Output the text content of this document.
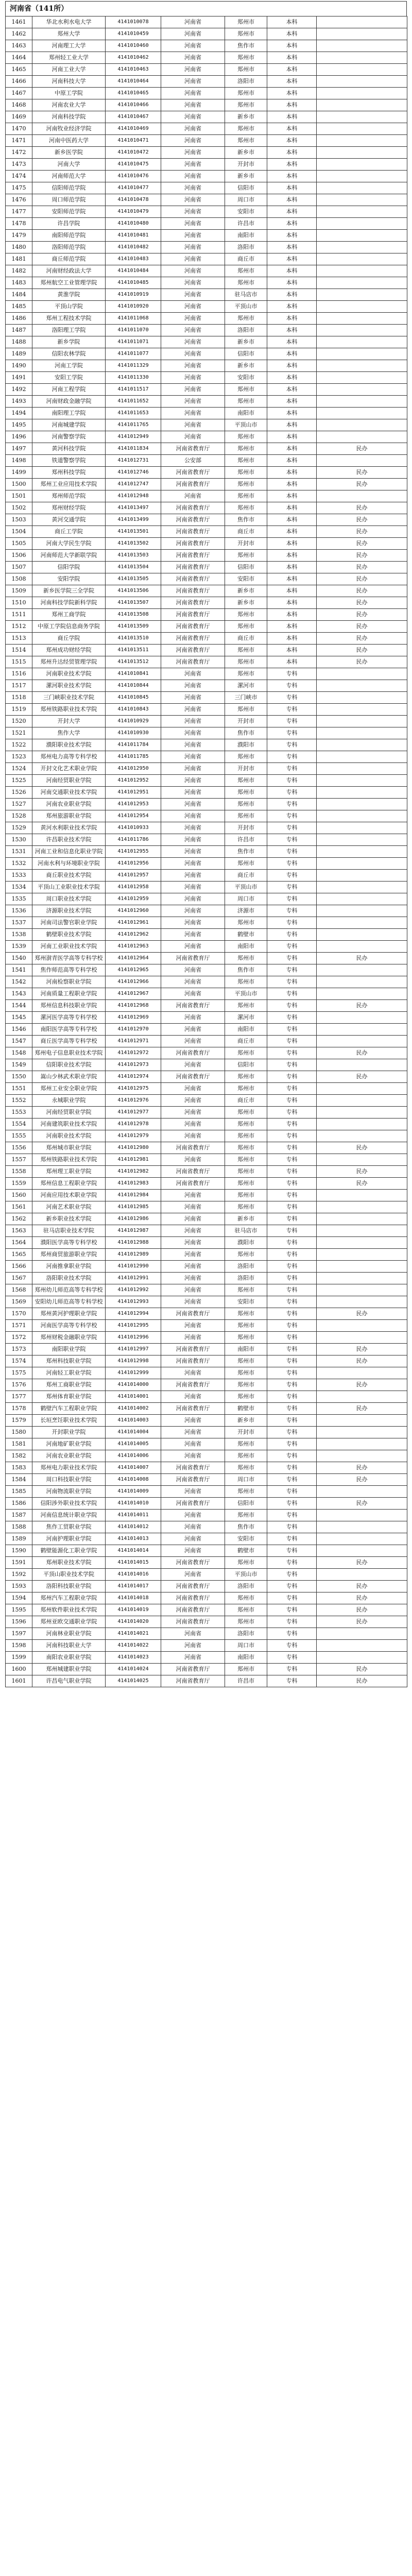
河南省（141所）
1461	华北水利水电大学	4141010078	河南省	郑州市	本科	
1462	郑州大学	4141010459	河南省	郑州市	本科	
1463	河南理工大学	4141010460	河南省	焦作市	本科	
1464	郑州轻工业大学	4141010462	河南省	郑州市	本科	
1465	河南工业大学	4141010463	河南省	郑州市	本科	
1466	河南科技大学	4141010464	河南省	洛阳市	本科	
1467	中原工学院	4141010465	河南省	郑州市	本科	
1468	河南农业大学	4141010466	河南省	郑州市	本科	
1469	河南科技学院	4141010467	河南省	新乡市	本科	
1470	河南牧业经济学院	4141010469	河南省	郑州市	本科	
1471	河南中医药大学	4141010471	河南省	郑州市	本科	
1472	新乡医学院	4141010472	河南省	新乡市	本科	
1473	河南大学	4141010475	河南省	开封市	本科	
1474	河南师范大学	4141010476	河南省	新乡市	本科	
1475	信阳师范学院	4141010477	河南省	信阳市	本科	
1476	周口师范学院	4141010478	河南省	周口市	本科	
1477	安阳师范学院	4141010479	河南省	安阳市	本科	
1478	许昌学院	4141010480	河南省	许昌市	本科	
1479	南阳师范学院	4141010481	河南省	南阳市	本科	
1480	洛阳师范学院	4141010482	河南省	洛阳市	本科	
1481	商丘师范学院	4141010483	河南省	商丘市	本科	
1482	河南财经政法大学	4141010484	河南省	郑州市	本科	
1483	郑州航空工业管理学院	4141010485	河南省	郑州市	本科	
1484	黄淮学院	4141010919	河南省	驻马店市	本科	
1485	平顶山学院	4141010920	河南省	平顶山市	本科	
1486	郑州工程技术学院	4141011068	河南省	郑州市	本科	
1487	洛阳理工学院	4141011070	河南省	洛阳市	本科	
1488	新乡学院	4141011071	河南省	新乡市	本科	
1489	信阳农林学院	4141011077	河南省	信阳市	本科	
1490	河南工学院	4141011329	河南省	新乡市	本科	
1491	安阳工学院	4141011330	河南省	安阳市	本科	
1492	河南工程学院	4141011517	河南省	郑州市	本科	
1493	河南财政金融学院	4141011652	河南省	郑州市	本科	
1494	南阳理工学院	4141011653	河南省	南阳市	本科	
1495	河南城建学院	4141011765	河南省	平顶山市	本科	
1496	河南警察学院	4141012949	河南省	郑州市	本科	
1497	黄河科技学院	4141011834	河南省教育厅	郑州市	本科	民办
1498	铁道警察学院	4141012731	公安部	郑州市	本科	
1499	郑州科技学院	4141012746	河南省教育厅	郑州市	本科	民办
1500	郑州工业应用技术学院	4141012747	河南省教育厅	郑州市	本科	民办
1501	郑州师范学院	4141012948	河南省	郑州市	本科	
1502	郑州财经学院	4141013497	河南省教育厅	郑州市	本科	民办
1503	黄河交通学院	4141013499	河南省教育厅	焦作市	本科	民办
1504	商丘工学院	4141013501	河南省教育厅	商丘市	本科	民办
1505	河南大学民生学院	4141013502	河南省教育厅	开封市	本科	民办
1506	河南师范大学新联学院	4141013503	河南省教育厅	郑州市	本科	民办
1507	信阳学院	4141013504	河南省教育厅	信阳市	本科	民办
1508	安阳学院	4141013505	河南省教育厅	安阳市	本科	民办
1509	新乡医学院三全学院	4141013506	河南省教育厅	新乡市	本科	民办
1510	河南科技学院新科学院	4141013507	河南省教育厅	新乡市	本科	民办
1511	郑州工商学院	4141013508	河南省教育厅	郑州市	本科	民办
1512	中原工学院信息商务学院	4141013509	河南省教育厅	郑州市	本科	民办
1513	商丘学院	4141013510	河南省教育厅	商丘市	本科	民办
1514	郑州成功财经学院	4141013511	河南省教育厅	郑州市	本科	民办
1515	郑州升达经贸管理学院	4141013512	河南省教育厅	郑州市	本科	民办
1516	河南职业技术学院	4141010841	河南省	郑州市	专科	
1517	漯河职业技术学院	4141010844	河南省	漯河市	专科	
1518	三门峡职业技术学院	4141010845	河南省	三门峡市	专科	
1519	郑州铁路职业技术学院	4141010843	河南省	郑州市	专科	
1520	开封大学	4141010929	河南省	开封市	专科	
1521	焦作大学	4141010930	河南省	焦作市	专科	
1522	濮阳职业技术学院	4141011784	河南省	濮阳市	专科	
1523	郑州电力高等专科学校	4141011785	河南省	郑州市	专科	
1524	开封文化艺术职业学院	4141012950	河南省	开封市	专科	
1525	河南经贸职业学院	4141012952	河南省	郑州市	专科	
1526	河南交通职业技术学院	4141012951	河南省	郑州市	专科	
1527	河南农业职业学院	4141012953	河南省	郑州市	专科	
1528	郑州旅游职业学院	4141012954	河南省	郑州市	专科	
1529	黄河水利职业技术学院	4141010933	河南省	开封市	专科	
1530	许昌职业技术学院	4141011786	河南省	许昌市	专科	
1531	河南工业和信息化职业学院	4141012955	河南省	焦作市	专科	
1532	河南水利与环境职业学院	4141012956	河南省	郑州市	专科	
1533	商丘职业技术学院	4141012957	河南省	商丘市	专科	
1534	平顶山工业职业技术学院	4141012958	河南省	平顶山市	专科	
1535	周口职业技术学院	4141012959	河南省	周口市	专科	
1536	济源职业技术学院	4141012960	河南省	济源市	专科	
1537	河南司法警官职业学院	4141012961	河南省	郑州市	专科	
1538	鹤壁职业技术学院	4141012962	河南省	鹤壁市	专科	
1539	河南工业职业技术学院	4141012963	河南省	南阳市	专科	
1540	郑州澍青医学高等专科学校	4141012964	河南省教育厅	郑州市	专科	民办
1541	焦作师范高等专科学校	4141012965	河南省	焦作市	专科	
1542	河南检察职业学院	4141012966	河南省	郑州市	专科	
1543	河南质量工程职业学院	4141012967	河南省	平顶山市	专科	
1544	郑州信息科技职业学院	4141012968	河南省教育厅	郑州市	专科	民办
1545	漯河医学高等专科学校	4141012969	河南省	漯河市	专科	
1546	南阳医学高等专科学校	4141012970	河南省	南阳市	专科	
1547	商丘医学高等专科学校	4141012971	河南省	商丘市	专科	
1548	郑州电子信息职业技术学院	4141012972	河南省教育厅	郑州市	专科	民办
1549	信阳职业技术学院	4141012973	河南省	信阳市	专科	
1550	嵩山少林武术职业学院	4141012974	河南省教育厅	郑州市	专科	民办
1551	郑州工业安全职业学院	4141012975	河南省	郑州市	专科	
1552	永城职业学院	4141012976	河南省	商丘市	专科	
1553	河南经贸职业学院	4141012977	河南省	郑州市	专科	
1554	河南建筑职业技术学院	4141012978	河南省	郑州市	专科	
1555	河南职业技术学院	4141012979	河南省	郑州市	专科	
1556	郑州城市职业学院	4141012980	河南省教育厅	郑州市	专科	民办
1557	郑州铁路职业技术学院	4141012981	河南省	郑州市	专科	
1558	郑州理工职业学院	4141012982	河南省教育厅	郑州市	专科	民办
1559	郑州信息工程职业学院	4141012983	河南省教育厅	郑州市	专科	民办
1560	河南应用技术职业学院	4141012984	河南省	郑州市	专科	
1561	河南艺术职业学院	4141012985	河南省	郑州市	专科	
1562	新乡职业技术学院	4141012986	河南省	新乡市	专科	
1563	驻马店职业技术学院	4141012987	河南省	驻马店市	专科	
1564	濮阳医学高等专科学校	4141012988	河南省	濮阳市	专科	
1565	郑州商贸旅游职业学院	4141012989	河南省	郑州市	专科	
1566	河南推拿职业学院	4141012990	河南省	洛阳市	专科	
1567	洛阳职业技术学院	4141012991	河南省	洛阳市	专科	
1568	郑州幼儿师范高等专科学校	4141012992	河南省	郑州市	专科	
1569	安阳幼儿师范高等专科学校	4141012993	河南省	安阳市	专科	
1570	郑州黄河护理职业学院	4141012994	河南省教育厅	郑州市	专科	民办
1571	河南医学高等专科学校	4141012995	河南省	郑州市	专科	
1572	郑州财税金融职业学院	4141012996	河南省	郑州市	专科	
1573	南阳职业学院	4141012997	河南省教育厅	南阳市	专科	民办
1574	郑州科技职业学院	4141012998	河南省教育厅	郑州市	专科	民办
1575	河南轻工职业学院	4141012999	河南省	郑州市	专科	
1576	郑州工商职业学院	4141014000	河南省教育厅	郑州市	专科	民办
1577	郑州体育职业学院	4141014001	河南省	郑州市	专科	
1578	鹤壁汽车工程职业学院	4141014002	河南省教育厅	鹤壁市	专科	民办
1579	长垣烹饪职业技术学院	4141014003	河南省	新乡市	专科	
1580	开封职业学院	4141014004	河南省	开封市	专科	
1581	河南地矿职业学院	4141014005	河南省	郑州市	专科	
1582	河南农业职业学院	4141014006	河南省	郑州市	专科	
1583	郑州电力职业技术学院	4141014007	河南省教育厅	郑州市	专科	民办
1584	周口科技职业学院	4141014008	河南省教育厅	周口市	专科	民办
1585	河南物流职业学院	4141014009	河南省	郑州市	专科	
1586	信阳涉外职业技术学院	4141014010	河南省教育厅	信阳市	专科	民办
1587	河南信息统计职业学院	4141014011	河南省	郑州市	专科	
1588	焦作工贸职业学院	4141014012	河南省	焦作市	专科	
1589	河南护理职业学院	4141014013	河南省	安阳市	专科	
1590	鹤壁能源化工职业学院	4141014014	河南省	鹤壁市	专科	
1591	郑州职业技术学院	4141014015	河南省教育厅	郑州市	专科	民办
1592	平顶山职业技术学院	4141014016	河南省	平顶山市	专科	
1593	洛阳科技职业学院	4141014017	河南省教育厅	洛阳市	专科	民办
1594	郑州汽车工程职业学院	4141014018	河南省教育厅	郑州市	专科	民办
1595	郑州软件职业技术学院	4141014019	河南省教育厅	郑州市	专科	民办
1596	郑州亚欧交通职业学院	4141014020	河南省教育厅	郑州市	专科	民办
1597	河南林业职业学院	4141014021	河南省	洛阳市	专科	
1598	河南科技职业大学	4141014022	河南省	周口市	专科	
1599	南阳农业职业学院	4141014023	河南省	南阳市	专科	
1600	郑州城建职业学院	4141014024	河南省教育厅	郑州市	专科	民办
1601	许昌电气职业学院	4141014025	河南省教育厅	许昌市	专科	民办
